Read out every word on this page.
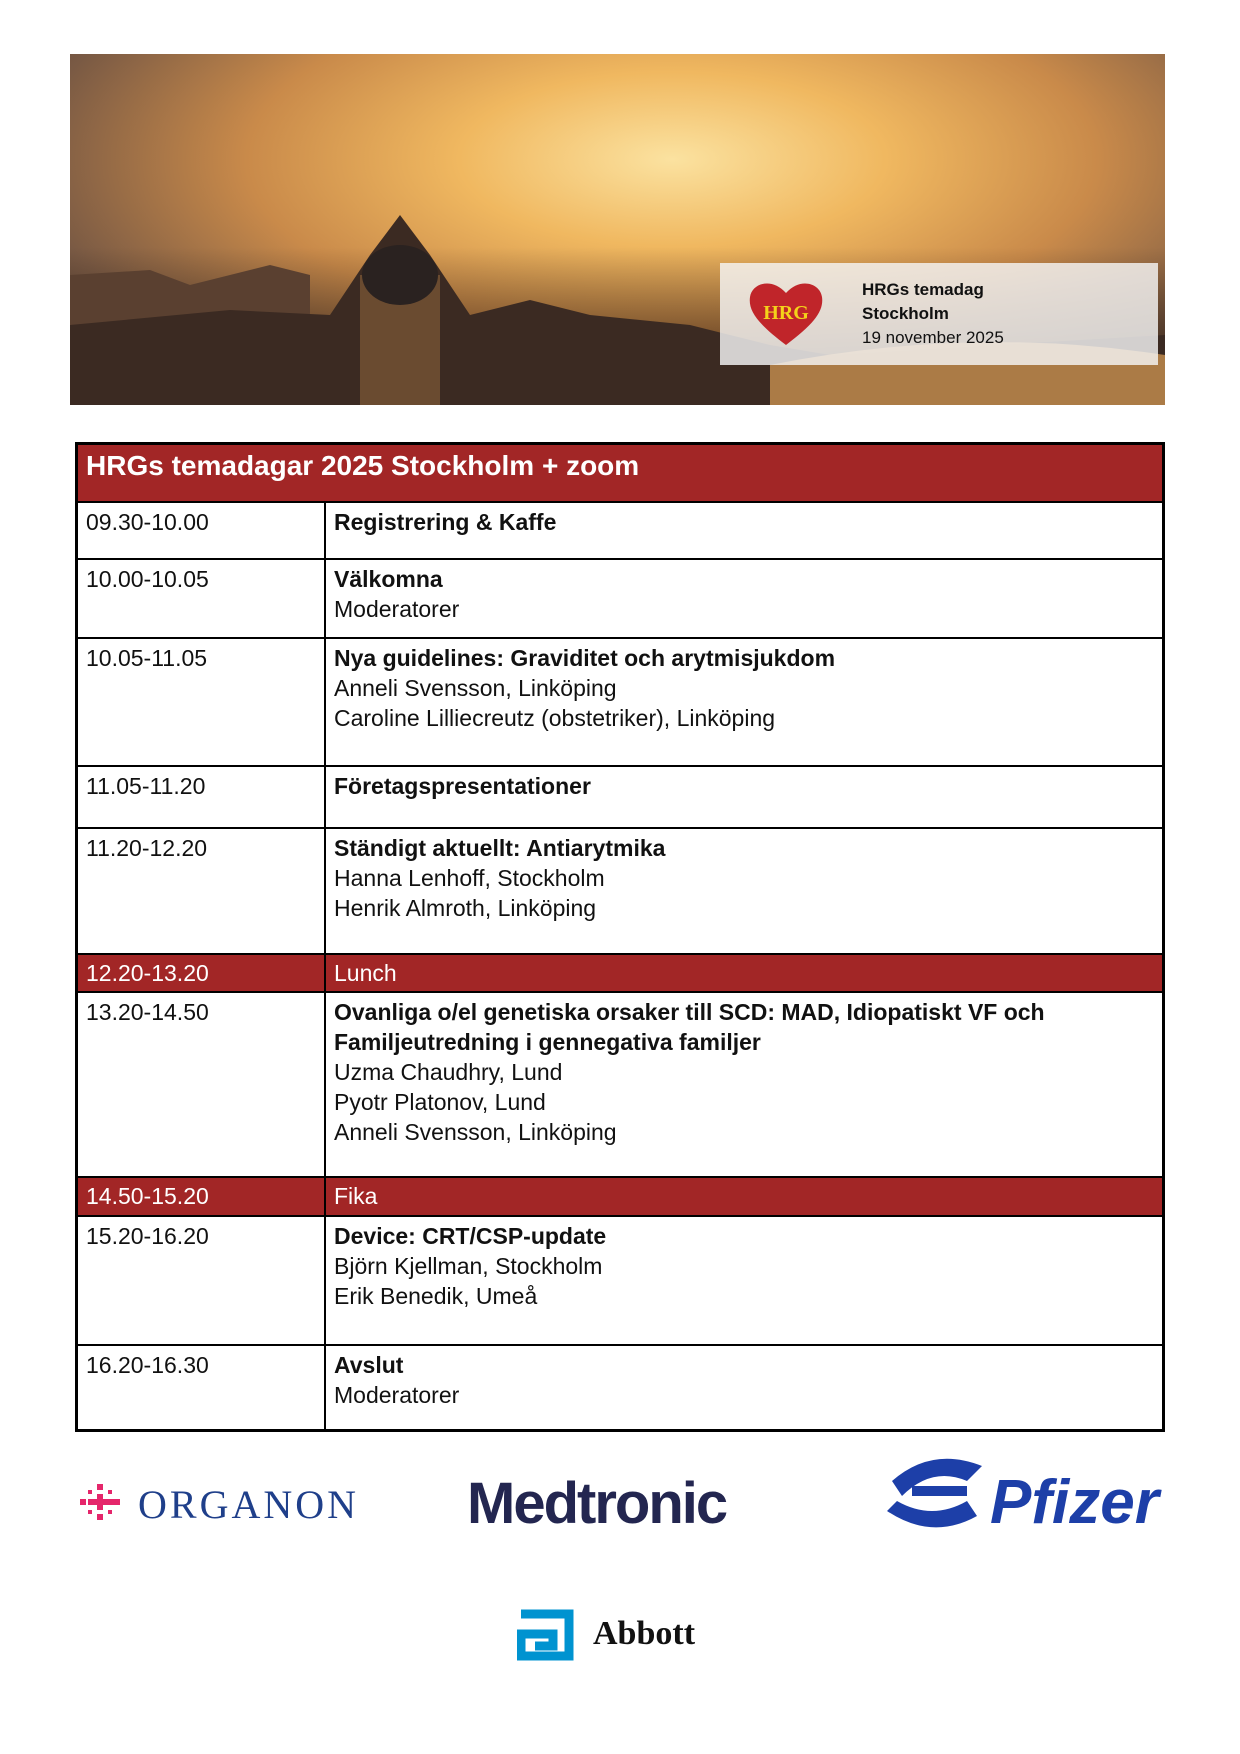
HRG
HRGs temadag
Stockholm
19 november 2025
HRGs temadagar 2025 Stockholm + zoom	
09.30-10.00	Registrering & Kaffe

10.00-10.05	Välkomna
Moderatorer

10.05-11.05	Nya guidelines: Graviditet och arytmisjukdom
Anneli Svensson, Linköping
Caroline Lilliecreutz (obstetriker), Linköping

11.05-11.20	Företagspresentationer

11.20-12.20	Ständigt aktuellt: Antiarytmika
Hanna Lenhoff, Stockholm
Henrik Almroth, Linköping

12.20-13.20	Lunch

13.20-14.50	Ovanliga o/el genetiska orsaker till SCD: MAD, Idiopatiskt VF och Familjeutredning i gennegativa familjer
Uzma Chaudhry, Lund
Pyotr Platonov, Lund
Anneli Svensson, Linköping

14.50-15.20	Fika

15.20-16.20	Device: CRT/CSP-update
Björn Kjellman, Stockholm
Erik Benedik, Umeå

16.20-16.30	Avslut
Moderatorer
ORGANON Medtronic	Pfizer
Abbott
